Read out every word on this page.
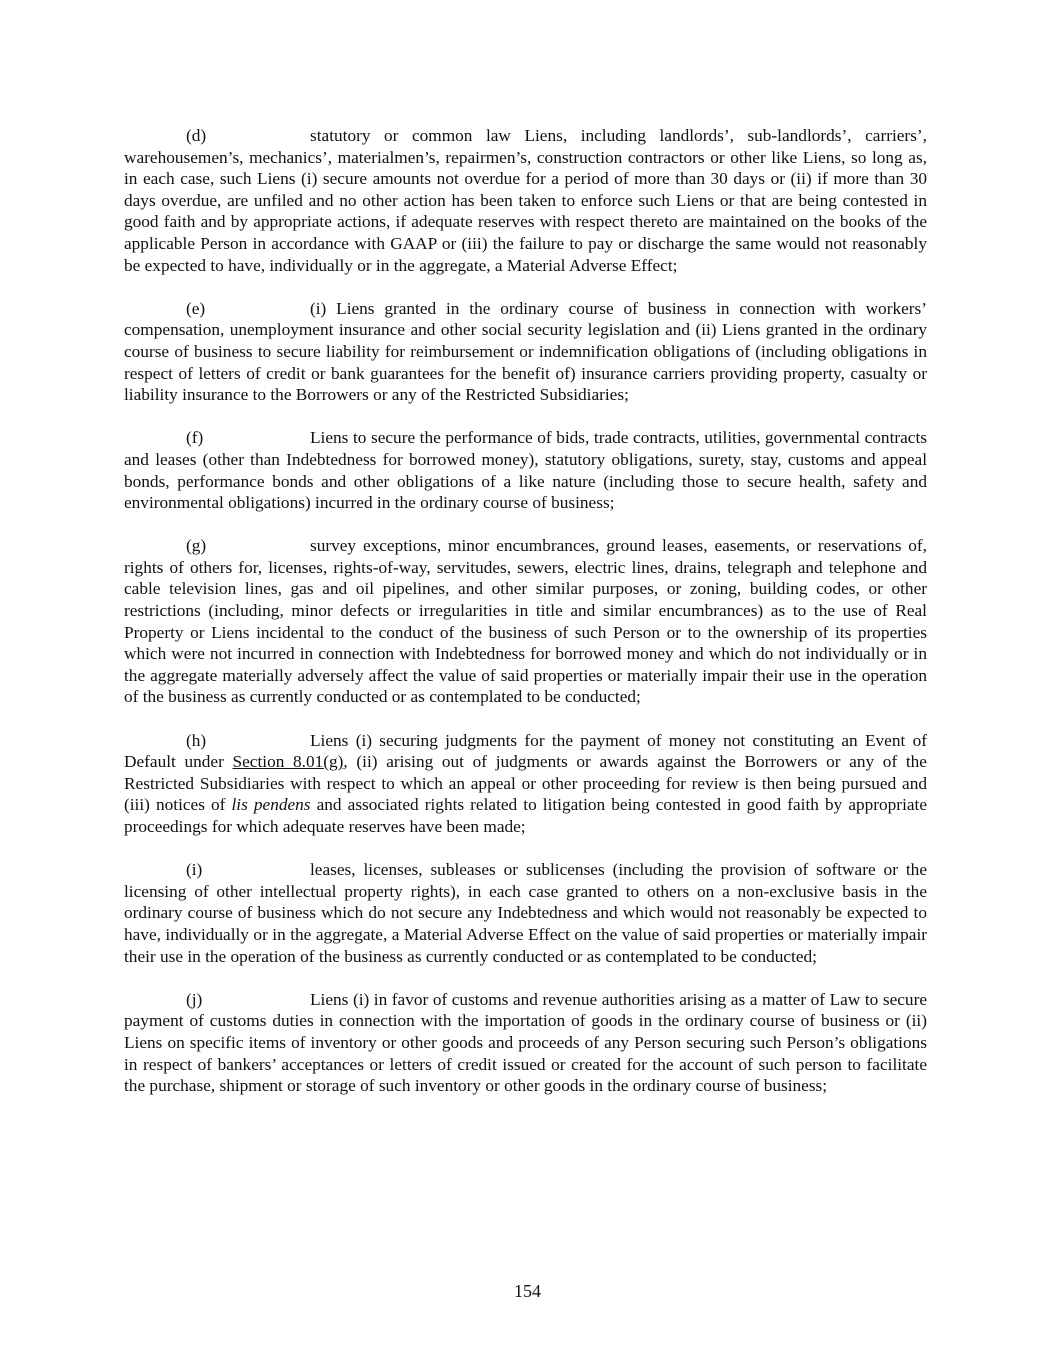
(d)	statutory or common law Liens, including landlords’, sub-landlords’, carriers’, warehousemen’s, mechanics’, materialmen’s, repairmen’s, construction contractors or other like Liens, so long as, in each case, such Liens (i) secure amounts not overdue for a period of more than 30 days or (ii) if more than 30 days overdue, are unfiled and no other action has been taken to enforce such Liens or that are being contested in good faith and by appropriate actions, if adequate reserves with respect thereto are maintained on the books of the applicable Person in accordance with GAAP or (iii) the failure to pay or discharge the same would not reasonably be expected to have, individually or in the aggregate, a Material Adverse Effect;

(e)	(i) Liens granted in the ordinary course of business in connection with workers’ compensation, unemployment insurance and other social security legislation and (ii) Liens granted in the ordinary course of business to secure liability for reimbursement or indemnification obligations of (including obligations in respect of letters of credit or bank guarantees for the benefit of) insurance carriers providing property, casualty or liability insurance to the Borrowers or any of the Restricted Subsidiaries;

(f)	Liens to secure the performance of bids, trade contracts, utilities, governmental contracts and leases (other than Indebtedness for borrowed money), statutory obligations, surety, stay, customs and appeal bonds, performance bonds and other obligations of a like nature (including those to secure health, safety and environmental obligations) incurred in the ordinary course of business;

(g)	survey exceptions, minor encumbrances, ground leases, easements, or reservations of, rights of others for, licenses, rights-of-way, servitudes, sewers, electric lines, drains, telegraph and telephone and cable television lines, gas and oil pipelines, and other similar purposes, or zoning, building codes, or other restrictions (including, minor defects or irregularities in title and similar encumbrances) as to the use of Real Property or Liens incidental to the conduct of the business of such Person or to the ownership of its properties which were not incurred in connection with Indebtedness for borrowed money and which do not individually or in the aggregate materially adversely affect the value of said properties or materially impair their use in the operation of the business as currently conducted or as contemplated to be conducted;

(h)	Liens (i) securing judgments for the payment of money not constituting an Event of Default under Section 8.01(g), (ii) arising out of judgments or awards against the Borrowers or any of the Restricted Subsidiaries with respect to which an appeal or other proceeding for review is then being pursued and (iii) notices of lis pendens and associated rights related to litigation being contested in good faith by appropriate proceedings for which adequate reserves have been made;

(i)	leases, licenses, subleases or sublicenses (including the provision of software or the licensing of other intellectual property rights), in each case granted to others on a non-exclusive basis in the ordinary course of business which do not secure any Indebtedness and which would not reasonably be expected to have, individually or in the aggregate, a Material Adverse Effect on the value of said properties or materially impair their use in the operation of the business as currently conducted or as contemplated to be conducted;

(j)	Liens (i) in favor of customs and revenue authorities arising as a matter of Law to secure payment of customs duties in connection with the importation of goods in the ordinary course of business or (ii) Liens on specific items of inventory or other goods and proceeds of any Person securing such Person’s obligations in respect of bankers’ acceptances or letters of credit issued or created for the account of such person to facilitate the purchase, shipment or storage of such inventory or other goods in the ordinary course of business;

154
